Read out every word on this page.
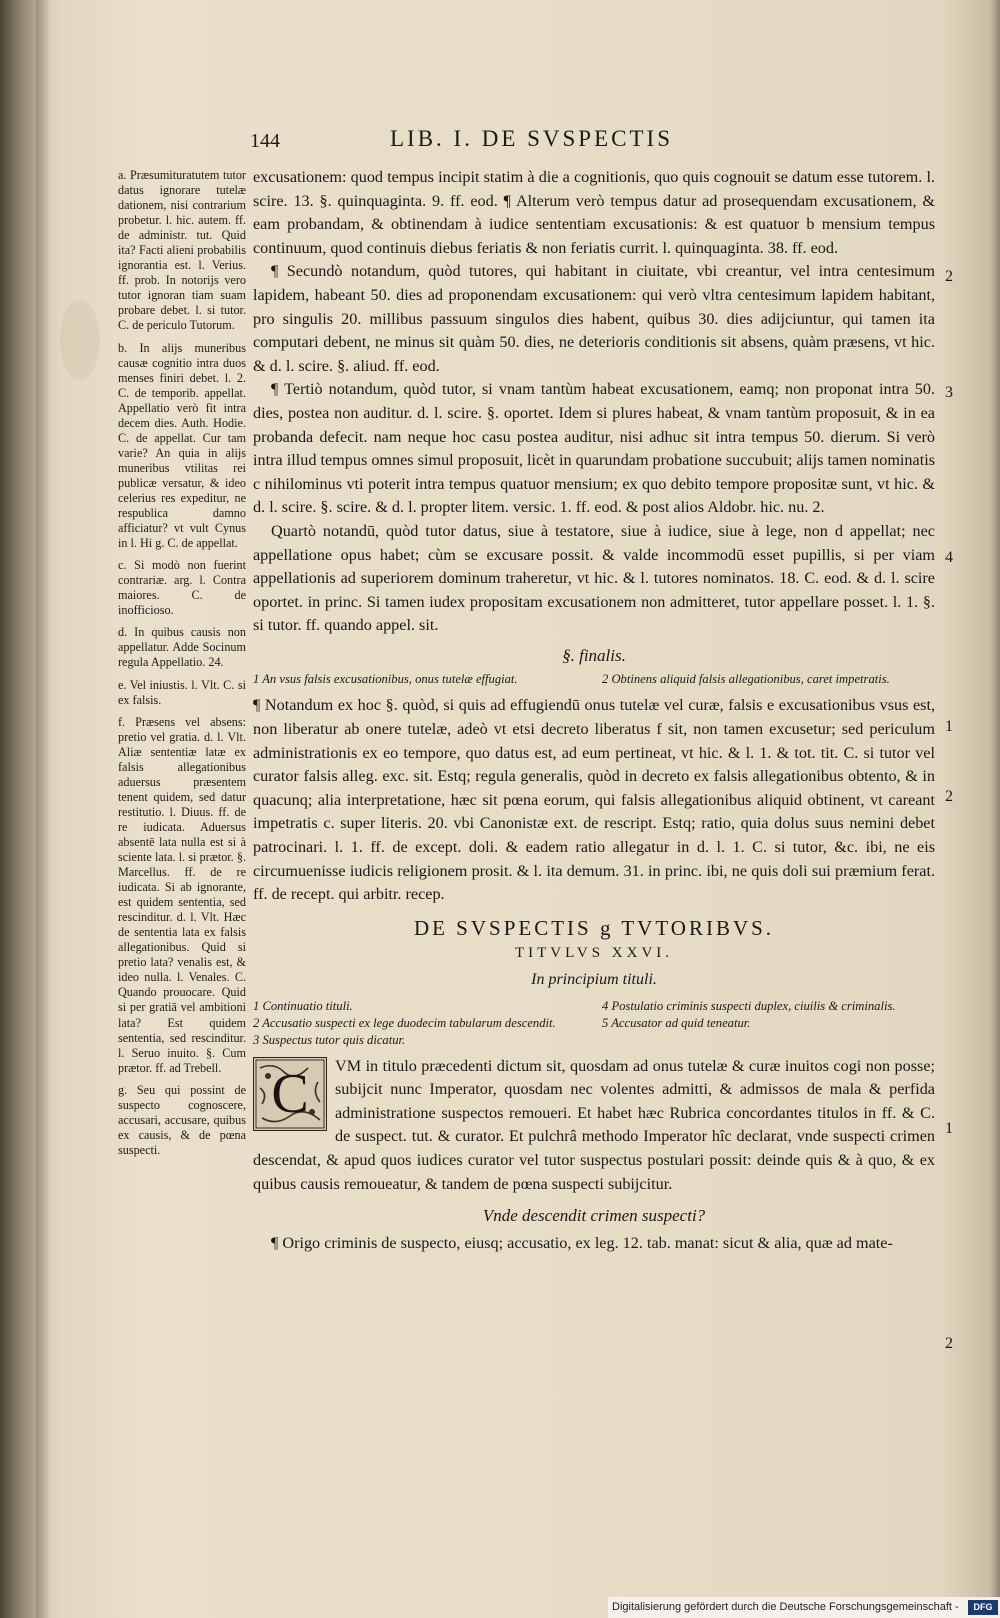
144	LIB. I. DE SVSPECTIS

a. Præsumituratutem tutor datus ignorare tutelæ dationem, nisi contrarium probetur. l. hic. autem. ff. de administr. tut. Quid ita? Facti alieni probabilis ignorantia est. l. Verius. ff. prob. In notorijs vero tutor ignoran tiam suam probare debet. l. si tutor. C. de periculo Tutorum.

b. In alijs muneribus causæ cognitio intra duos menses finiri debet. l. 2. C. de temporib. appellat. Appellatio verò fit intra decem dies. Auth. Hodie. C. de appellat. Cur tam varie? An quia in alijs muneribus vtilitas rei publicæ versatur, & ideo celerius res expeditur, ne respublica damno afficiatur? vt vult Cynus in l. Hi g. C. de appellat.

c. Si modò non fuerint contrariæ. arg. l. Contra maiores. C. de inofficioso.

d. In quibus causis non appellatur. Adde Socinum regula Appellatio. 24.

e. Vel iniustis. l. Vlt. C. si ex falsis.

f. Præsens vel absens: pretio vel gratia. d. l. Vlt. Aliæ sententiæ latæ ex falsis allegationibus aduersus præsentem tenent quidem, sed datur restitutio. l. Diuus. ff. de re iudicata. Aduersus absentē lata nulla est si à sciente lata. l. si prætor. §. Marcellus. ff. de re iudicata. Si ab ignorante, est quidem sententia, sed rescinditur. d. l. Vlt. Hæc de sententia lata ex falsis allegationibus. Quid si pretio lata? venalis est, & ideo nulla. l. Venales. C. Quando prouocare. Quid si per gratiā vel ambitioni lata? Est quidem sententia, sed rescinditur. l. Seruo inuito. §. Cum prætor. ff. ad Trebell.

g. Seu qui possint de suspecto cognoscere, accusari, accusare, quibus ex causis, & de pœna suspecti.

excusationem: quod tempus incipit statim à die a cognitionis, quo quis cognouit se datum esse tutorem. l. scire. 13. §. quinquaginta. 9. ff. eod. ¶ Alterum verò tempus datur ad prosequendam excusationem, & eam probandam, & obtinendam à iudice sententiam excusationis: & est quatuor b mensium tempus continuum, quod continuis diebus feriatis & non feriatis currit. l. quinquaginta. 38. ff. eod.

¶ Secundò notandum, quòd tutores, qui habitant in ciuitate, vbi creantur, vel intra centesimum lapidem, habeant 50. dies ad proponendam excusationem: qui verò vltra centesimum lapidem habitant, pro singulis 20. millibus passuum singulos dies habent, quibus 30. dies adijciuntur, qui tamen ita computari debent, ne minus sit quàm 50. dies, ne deterioris conditionis sit absens, quàm præsens, vt hic. & d. l. scire. §. aliud. ff. eod.

¶ Tertiò notandum, quòd tutor, si vnam tantùm habeat excusationem, eamq; non proponat intra 50. dies, postea non auditur. d. l. scire. §. oportet. Idem si plures habeat, & vnam tantùm proposuit, & in ea probanda defecit. nam neque hoc casu postea auditur, nisi adhuc sit intra tempus 50. dierum. Si verò intra illud tempus omnes simul proposuit, licèt in quarundam probatione succubuit; alijs tamen nominatis c nihilominus vti poterit intra tempus quatuor mensium; ex quo debito tempore propositæ sunt, vt hic. & d. l. scire. §. scire. & d. l. propter litem. versic. 1. ff. eod. & post alios Aldobr. hic. nu. 2.

Quartò notandū, quòd tutor datus, siue à testatore, siue à iudice, siue à lege, non d appellat; nec appellatione opus habet; cùm se excusare possit. & valde incommodū esset pupillis, si per viam appellationis ad superiorem dominum traheretur, vt hic. & l. tutores nominatos. 18. C. eod. & d. l. scire oportet. in princ. Si tamen iudex propositam excusationem non admitteret, tutor appellare posset. l. 1. §. si tutor. ff. quando appel. sit.

§. finalis.

1 An vsus falsis excusationibus, onus tutelæ effugiat.	2 Obtinens aliquid falsis allegationibus, caret impetratis.

¶ Notandum ex hoc §. quòd, si quis ad effugiendū onus tutelæ vel curæ, falsis e excusationibus vsus est, non liberatur ab onere tutelæ, adeò vt etsi decreto liberatus f sit, non tamen excusetur; sed periculum administrationis ex eo tempore, quo datus est, ad eum pertineat, vt hic. & l. 1. & tot. tit. C. si tutor vel curator falsis alleg. exc. sit. Estq; regula generalis, quòd in decreto ex falsis allegationibus obtento, & in quacunq; alia interpretatione, hæc sit pœna eorum, qui falsis allegationibus aliquid obtinent, vt careant impetratis c. super literis. 20. vbi Canonistæ ext. de rescript. Estq; ratio, quia dolus suus nemini debet patrocinari. l. 1. ff. de except. doli. & eadem ratio allegatur in d. l. 1. C. si tutor, &c. ibi, ne eis circumuenisse iudicis religionem prosit. & l. ita demum. 31. in princ. ibi, ne quis doli sui præmium ferat. ff. de recept. qui arbitr. recep.

DE SVSPECTIS g TVTORIBVS.
TITVLVS XXVI.
In principium tituli.
1 Continuatio tituli.	4 Postulatio criminis suspecti duplex, ciuilis & criminalis.
2 Accusatio suspecti ex lege duodecim tabularum descendit.	5 Accusator ad quid teneatur.
3 Suspectus tutor quis dicatur.
C	VM in titulo præcedenti dictum sit, quosdam ad onus tutelæ & curæ inuitos cogi non posse; subijcit nunc Imperator, quosdam nec volentes admitti, & admissos de mala & perfida administratione suspectos remoueri. Et habet hæc Rubrica concordantes titulos in ff. & C. de suspect. tut. & curator. Et pulchrâ methodo Imperator hîc declarat, vnde suspecti crimen descendat, & apud quos iudices curator vel tutor suspectus postulari possit: deinde quis & à quo, & ex quibus causis remoueatur, & tandem de pœna suspecti subijcitur.

Vnde descendit crimen suspecti?

¶ Origo criminis de suspecto, eiusq; accusatio, ex leg. 12. tab. manat: sicut & alia, quæ ad mate-

2
3
4
1
2
1
2
Digitalisierung gefördert durch die Deutsche Forschungsgemeinschaft -	DFG
